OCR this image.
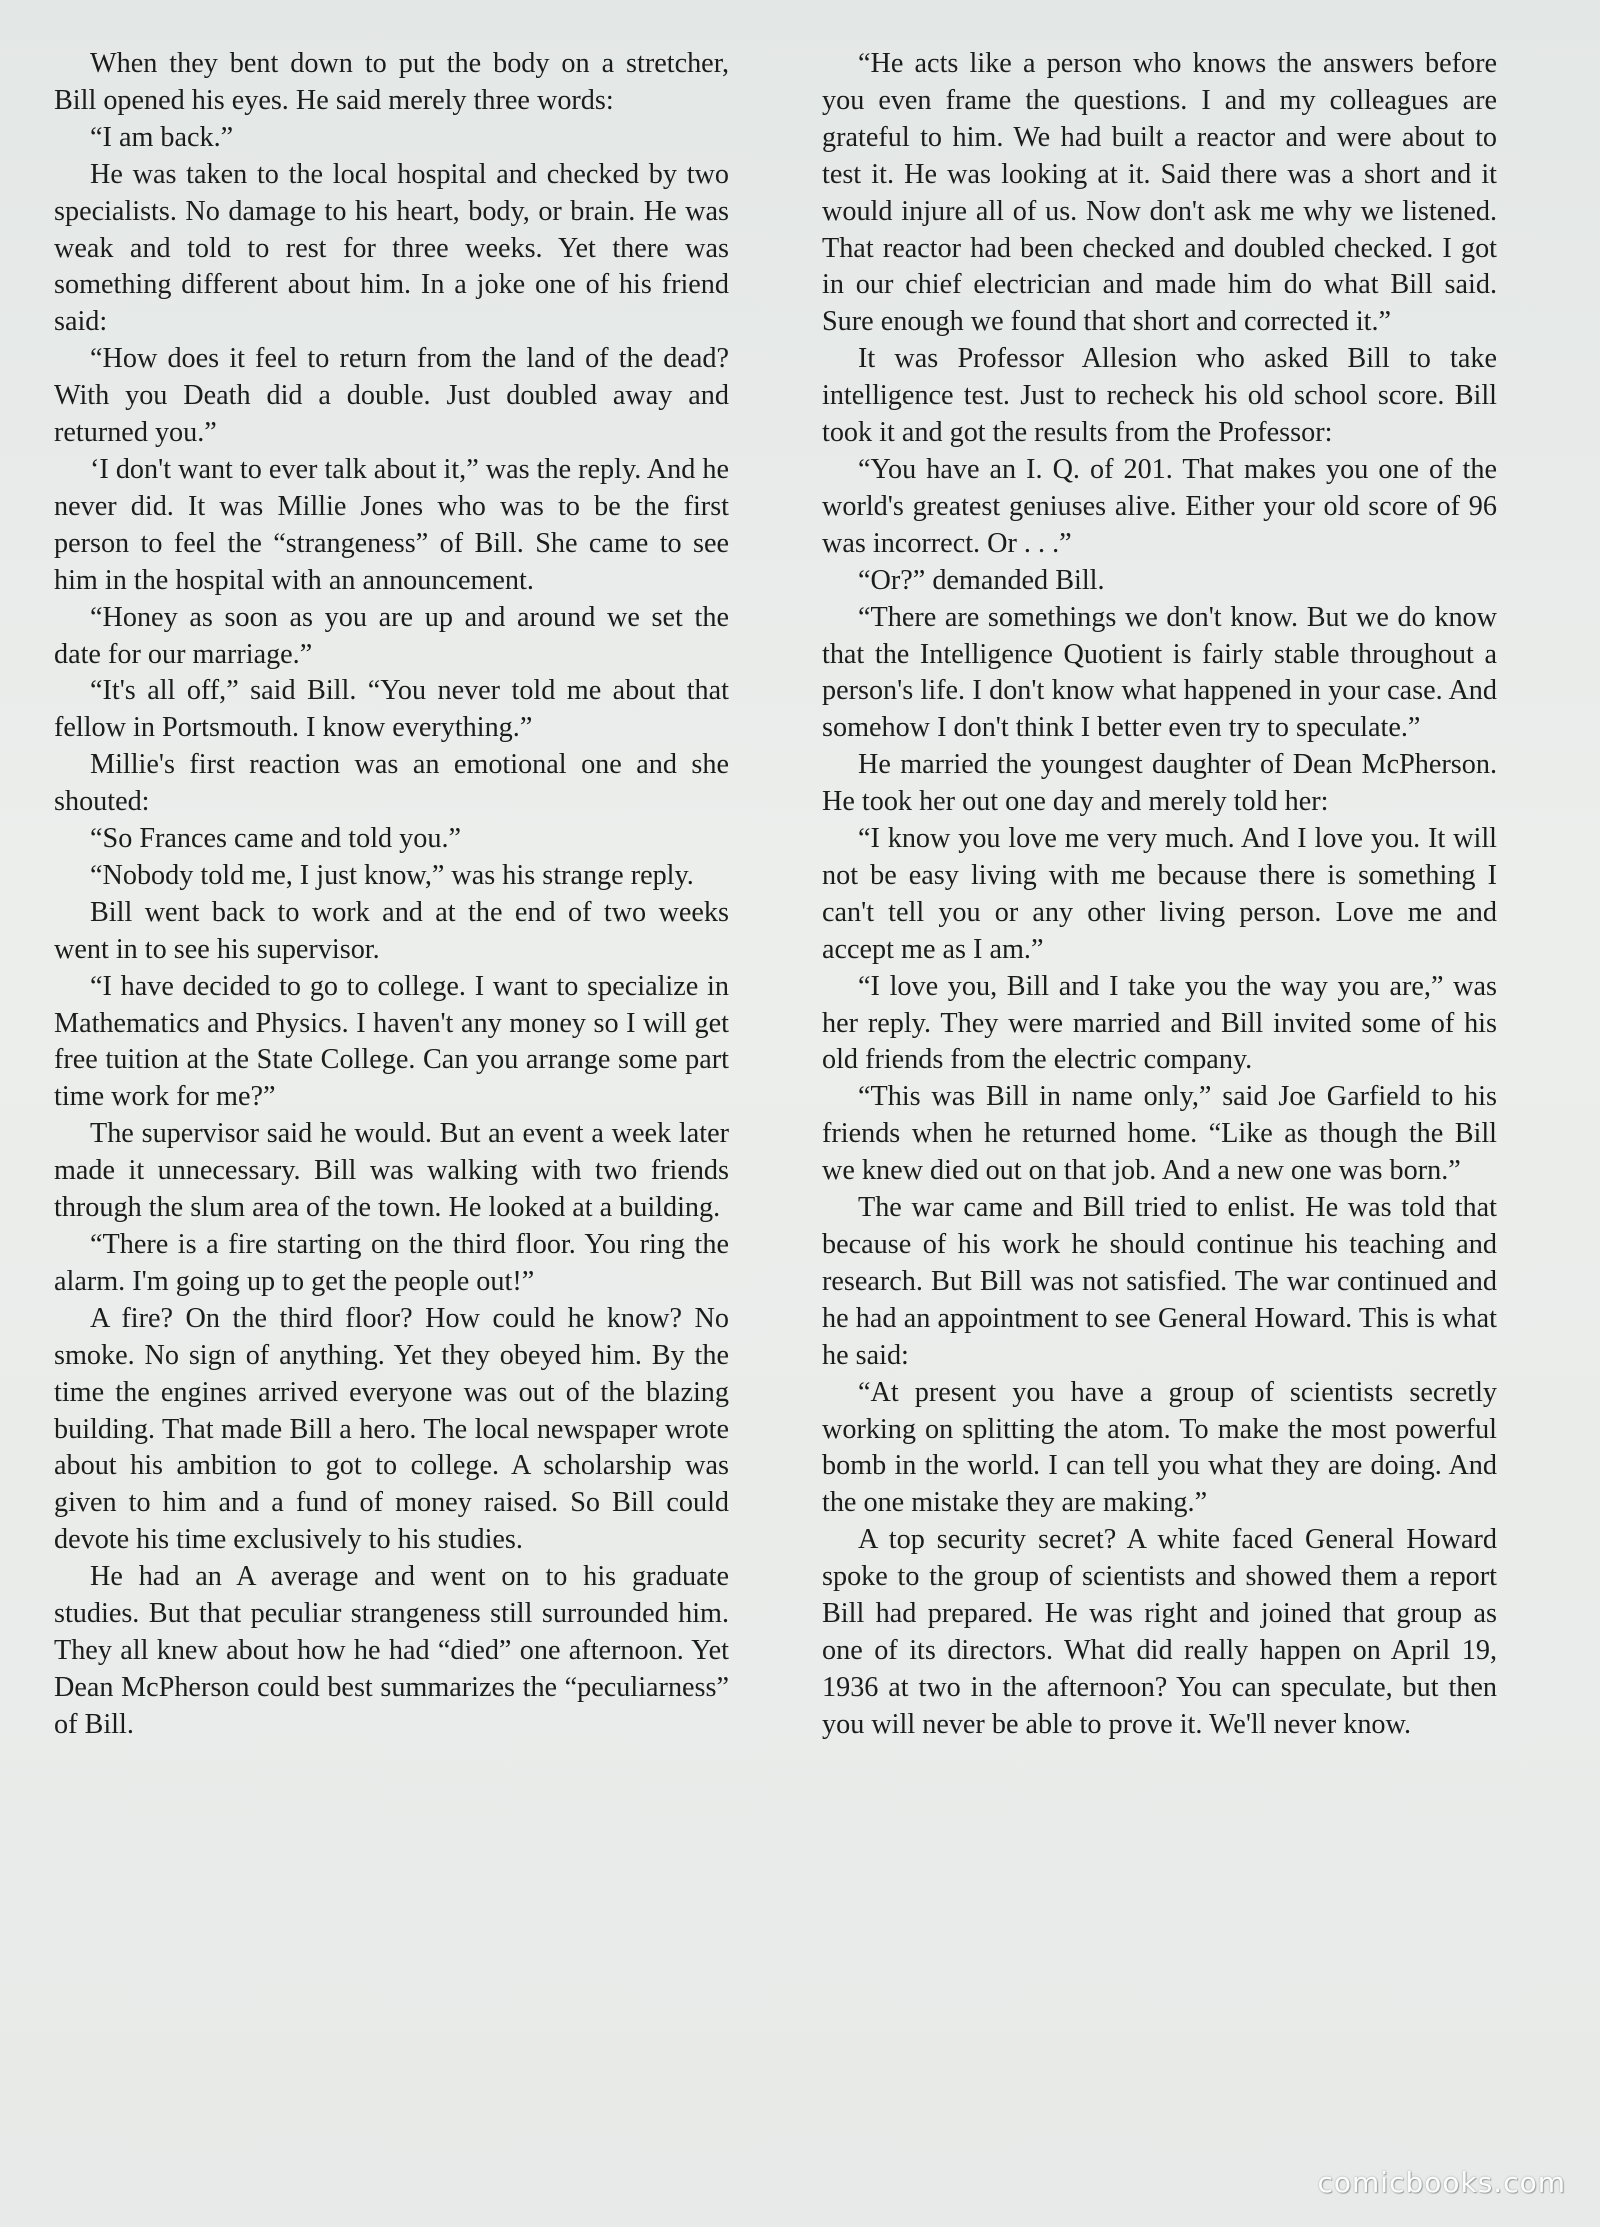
When they bent down to put the body on a stretcher, Bill opened his eyes. He said merely three words:

“I am back.”

He was taken to the local hospital and checked by two specialists. No damage to his heart, body, or brain. He was weak and told to rest for three weeks. Yet there was something different about him. In a joke one of his friend said:

“How does it feel to return from the land of the dead? With you Death did a double. Just doubled away and returned you.”

‘I don't want to ever talk about it,” was the reply. And he never did. It was Millie Jones who was to be the first person to feel the “strangeness” of Bill. She came to see him in the hospital with an announcement.

“Honey as soon as you are up and around we set the date for our marriage.”

“It's all off,” said Bill. “You never told me about that fellow in Portsmouth. I know everything.”

Millie's first reaction was an emotional one and she shouted:

“So Frances came and told you.”

“Nobody told me, I just know,” was his strange reply.

Bill went back to work and at the end of two weeks went in to see his supervisor.

“I have decided to go to college. I want to specialize in Mathematics and Physics. I haven't any money so I will get free tuition at the State College. Can you arrange some part time work for me?”

The supervisor said he would. But an event a week later made it unnecessary. Bill was walking with two friends through the slum area of the town. He looked at a building.

“There is a fire starting on the third floor. You ring the alarm. I'm going up to get the people out!”

A fire? On the third floor? How could he know? No smoke. No sign of anything. Yet they obeyed him. By the time the engines arrived everyone was out of the blazing building. That made Bill a hero. The local newspaper wrote about his ambition to got to college. A scholarship was given to him and a fund of money raised. So Bill could devote his time exclusively to his studies.

He had an A average and went on to his graduate studies. But that peculiar strangeness still surrounded him. They all knew about how he had “died” one afternoon. Yet Dean McPherson could best summarizes the “peculiarness” of Bill.

“He acts like a person who knows the answers before you even frame the questions. I and my colleagues are grateful to him. We had built a reactor and were about to test it. He was looking at it. Said there was a short and it would injure all of us. Now don't ask me why we listened. That reactor had been checked and doubled checked. I got in our chief electrician and made him do what Bill said. Sure enough we found that short and corrected it.”

It was Professor Allesion who asked Bill to take intelligence test. Just to recheck his old school score. Bill took it and got the results from the Professor:

“You have an I. Q. of 201. That makes you one of the world's greatest geniuses alive. Either your old score of 96 was incorrect. Or . . .”

“Or?” demanded Bill.

“There are somethings we don't know. But we do know that the Intelligence Quotient is fairly stable throughout a person's life. I don't know what happened in your case. And somehow I don't think I better even try to speculate.”

He married the youngest daughter of Dean McPherson. He took her out one day and merely told her:

“I know you love me very much. And I love you. It will not be easy living with me because there is something I can't tell you or any other living person. Love me and accept me as I am.”

“I love you, Bill and I take you the way you are,” was her reply. They were married and Bill invited some of his old friends from the electric company.

“This was Bill in name only,” said Joe Garfield to his friends when he returned home. “Like as though the Bill we knew died out on that job. And a new one was born.”

The war came and Bill tried to enlist. He was told that because of his work he should continue his teaching and research. But Bill was not satisfied. The war continued and he had an appointment to see General Howard. This is what he said:

“At present you have a group of scientists secretly working on splitting the atom. To make the most powerful bomb in the world. I can tell you what they are doing. And the one mistake they are making.”

A top security secret? A white faced General Howard spoke to the group of scientists and showed them a report Bill had prepared. He was right and joined that group as one of its directors. What did really happen on April 19, 1936 at two in the afternoon? You can speculate, but then you will never be able to prove it. We'll never know.

comicbooks.com
